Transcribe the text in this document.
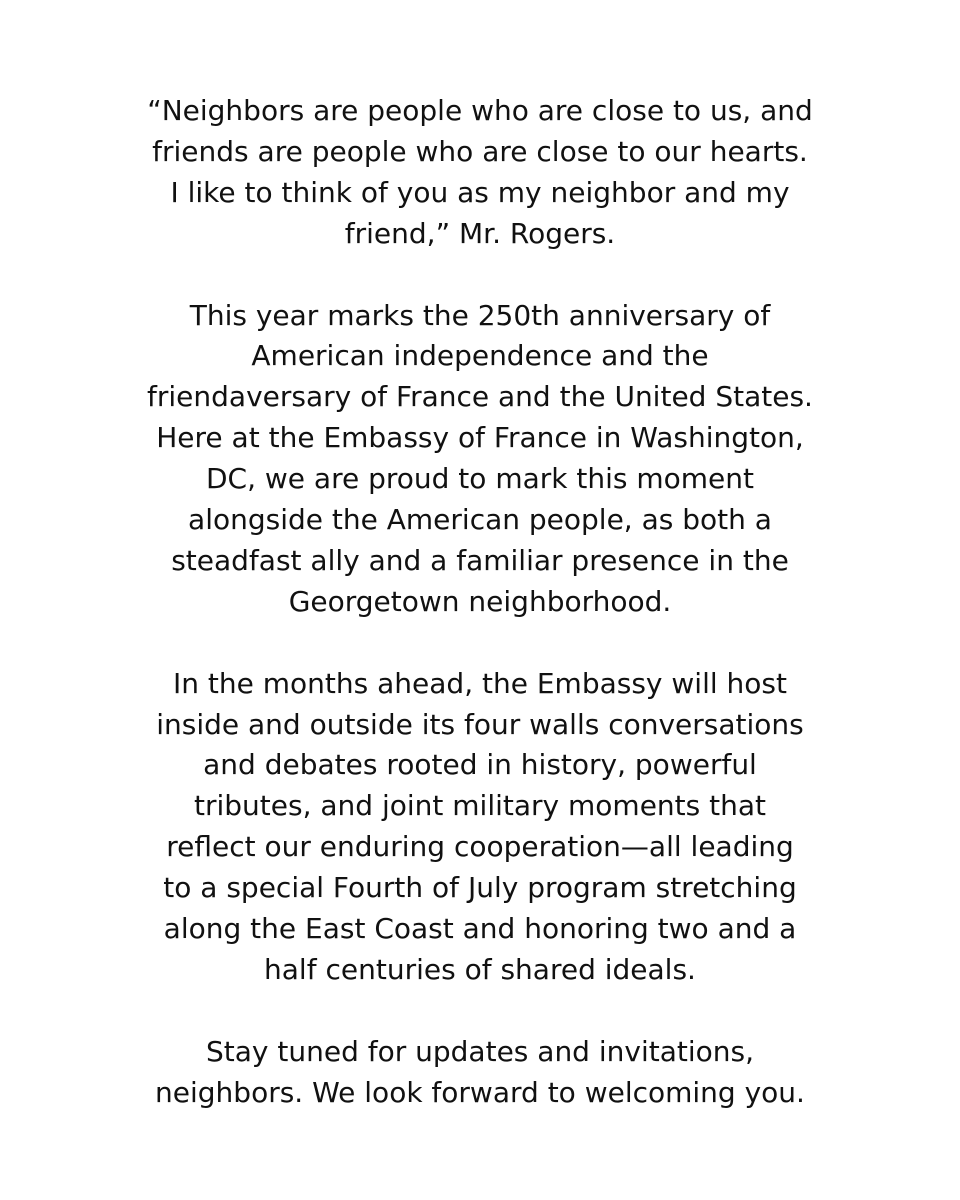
“Neighbors are people who are close to us, and
friends are people who are close to our hearts.
I like to think of you as my neighbor and my
friend,” Mr. Rogers.

This year marks the 250th anniversary of
American independence and the
friendaversary of France and the United States.
Here at the Embassy of France in Washington,
DC, we are proud to mark this moment
alongside the American people, as both a
steadfast ally and a familiar presence in the
Georgetown neighborhood.

In the months ahead, the Embassy will host
inside and outside its four walls conversations
and debates rooted in history, powerful
tributes, and joint military moments that
reflect our enduring cooperation—all leading
to a special Fourth of July program stretching
along the East Coast and honoring two and a
half centuries of shared ideals.

Stay tuned for updates and invitations,
neighbors. We look forward to welcoming you.
